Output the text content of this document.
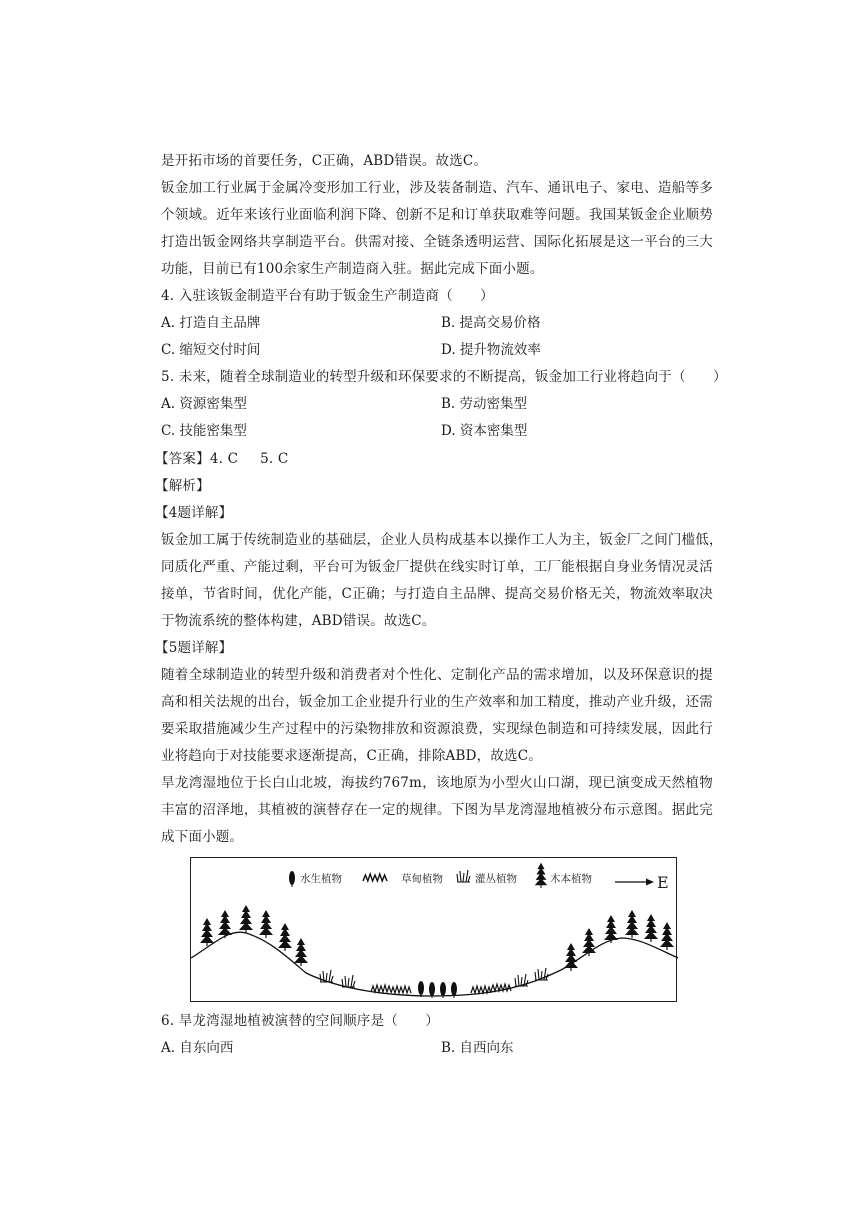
是开拓市场的首要任务，C正确，ABD错误。故选C。
钣金加工行业属于金属冷变形加工行业，涉及装备制造、汽车、通讯电子、家电、造船等多
个领域。近年来该行业面临利润下降、创新不足和订单获取难等问题。我国某钣金企业顺势
打造出钣金网络共享制造平台。供需对接、全链条透明运营、国际化拓展是这一平台的三大
功能，目前已有100余家生产制造商入驻。据此完成下面小题。
4. 入驻该钣金制造平台有助于钣金生产制造商（　　）
A. 打造自主品牌	B. 提高交易价格
C. 缩短交付时间	D. 提升物流效率
5. 未来，随着全球制造业的转型升级和环保要求的不断提高，钣金加工行业将趋向于（　　）
A. 资源密集型	B. 劳动密集型
C. 技能密集型	D. 资本密集型
【答案】4. C 5. C
【解析】
【4题详解】
钣金加工属于传统制造业的基础层，企业人员构成基本以操作工人为主，钣金厂之间门槛低，
同质化严重、产能过剩，平台可为钣金厂提供在线实时订单，工厂能根据自身业务情况灵活
接单，节省时间，优化产能，C正确；与打造自主品牌、提高交易价格无关，物流效率取决
于物流系统的整体构建，ABD错误。故选C。
【5题详解】
随着全球制造业的转型升级和消费者对个性化、定制化产品的需求增加，以及环保意识的提
高和相关法规的出台，钣金加工企业提升行业的生产效率和加工精度，推动产业升级，还需
要采取措施减少生产过程中的污染物排放和资源浪费，实现绿色制造和可持续发展，因此行
业将趋向于对技能要求逐渐提高，C正确，排除ABD，故选C。
旱龙湾湿地位于长白山北坡，海拔约767m，该地原为小型火山口湖，现已演变成天然植物
丰富的沼泽地，其植被的演替存在一定的规律。下图为旱龙湾湿地植被分布示意图。据此完
成下面小题。
水生植物	草甸植物	灌丛植物	木本植物	E
6. 旱龙湾湿地植被演替的空间顺序是（　　）
A. 自东向西	B. 自西向东
